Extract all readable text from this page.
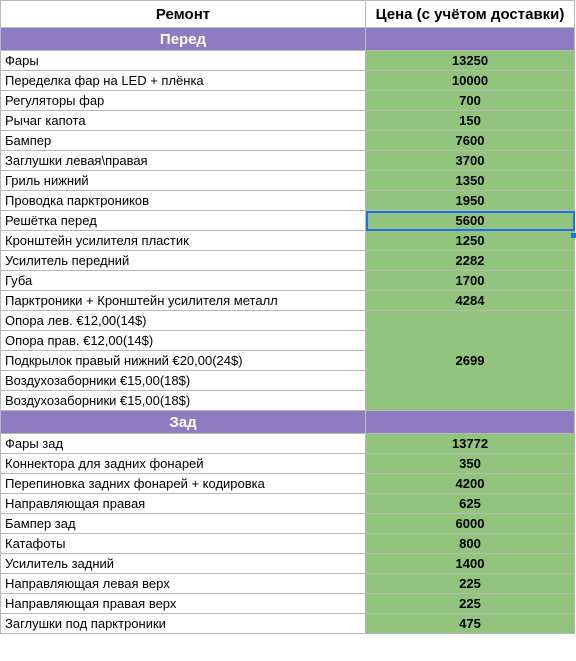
Ремонт	Цена (с учётом доставки)
Перед	
Фары	13250
Переделка фар на LED + плёнка	10000
Регуляторы фар	700
Рычаг капота	150
Бампер	7600
Заглушки левая\правая	3700
Гриль нижний	1350
Проводка парктроников	1950
Решётка перед	5600
Кронштейн усилителя пластик	1250
Усилитель передний	2282
Губа	1700
Парктроники + Кронштейн усилителя металл	4284
Опора лев. €12,00(14$)	2699
Опора прав. €12,00(14$)	
Подкрылок правый нижний €20,00(24$)	
Воздухозаборники €15,00(18$)	
Воздухозаборники €15,00(18$)	
Зад	
Фары зад	13772
Коннектора для задних фонарей	350
Перепиновка задних фонарей + кодировка	4200
Направляющая правая	625
Бампер зад	6000
Катафоты	800
Усилитель задний	1400
Направляющая левая верх	225
Направляющая правая верх	225
Заглушки под парктроники	475
